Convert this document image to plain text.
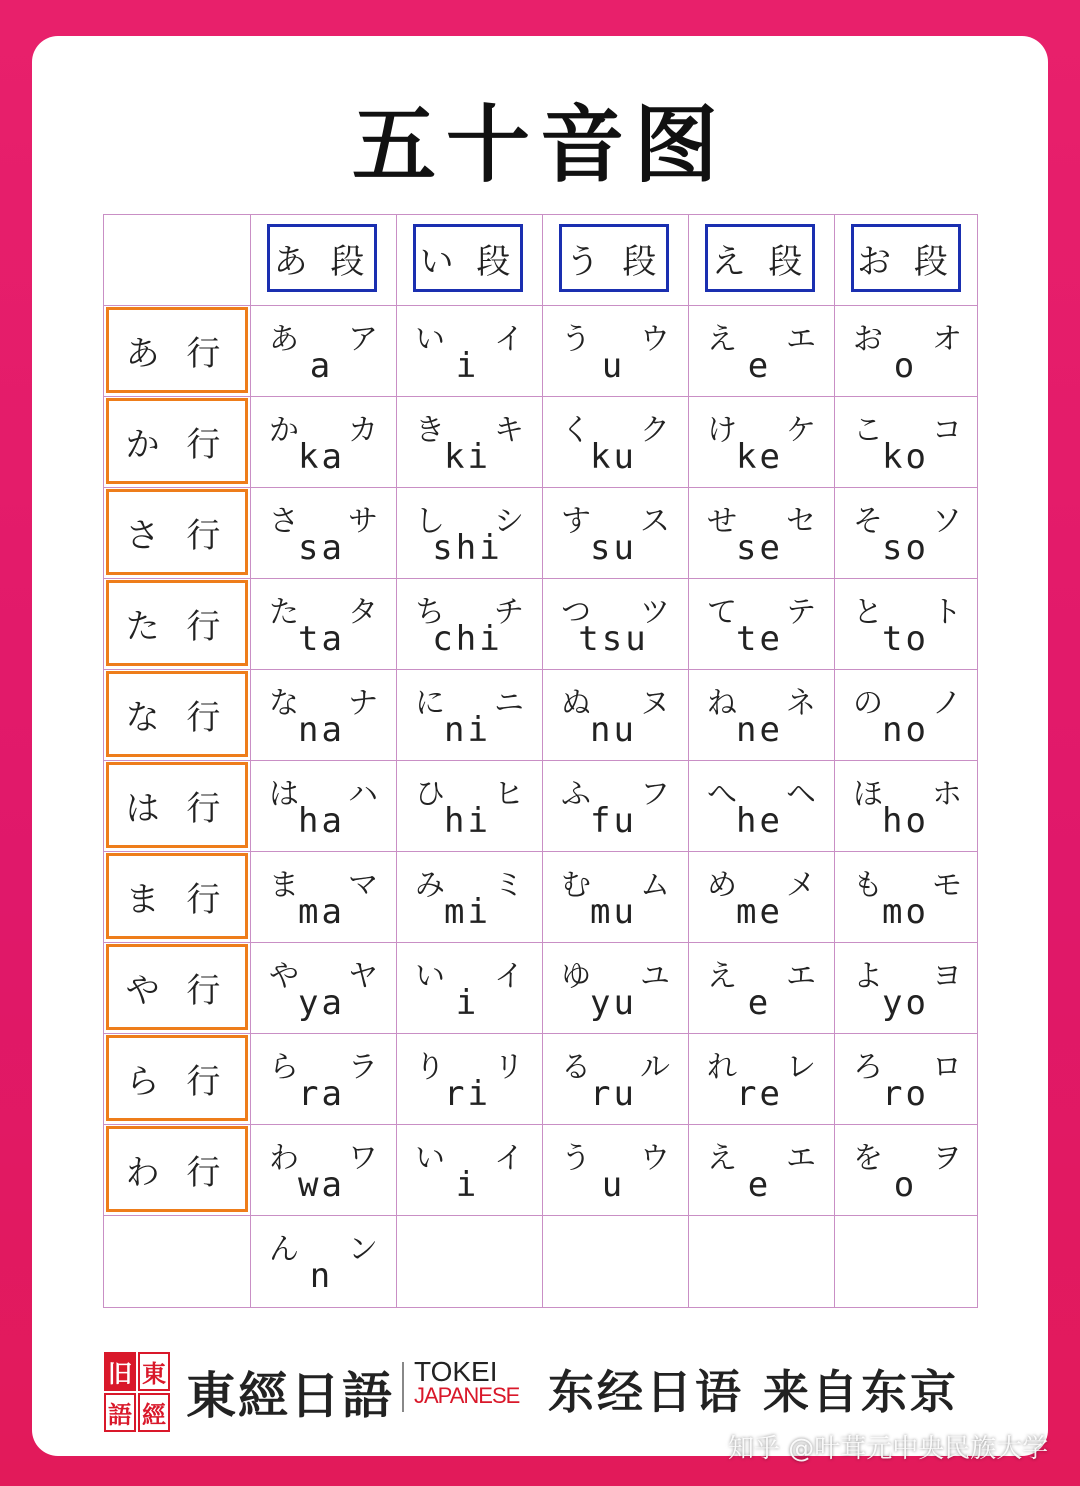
五十音图
あ 段 い 段 う 段 え 段 お 段
あ 行
か 行
さ 行
た 行
な 行
は 行
ま 行
や 行
ら 行
わ 行
あ ア
a
い イ
i
う ウ
u
え エ
e
お オ
o
か カ
ka
き キ
ki
く ク
ku
け ケ
ke
こ コ
ko
さ サ
sa
し シ
shi
す ス
su
せ セ
se
そ ソ
so
た タ
ta
ち チ
chi
つ ツ
tsu
て テ
te
と ト
to
な ナ
na
に ニ
ni
ぬ ヌ
nu
ね ネ
ne
の ノ
no
は ハ
ha
ひ ヒ
hi
ふ フ
fu
へ ヘ
he
ほ ホ
ho
ま マ
ma
み ミ
mi
む ム
mu
め メ
me
も モ
mo
や ヤ
ya
い イ
i
ゆ ユ
yu
え エ
e
よ ヨ
yo
ら ラ
ra
り リ
ri
る ル
ru
れ レ
re
ろ ロ
ro
わ ワ
wa
い イ
i
う ウ
u
え エ
e
を ヲ
o
ん ン
n
旧 東
語 經 東經日語 TOKEI
JAPANESE 东经日语 来自东京
知乎 @叶茸元中央民族大学
